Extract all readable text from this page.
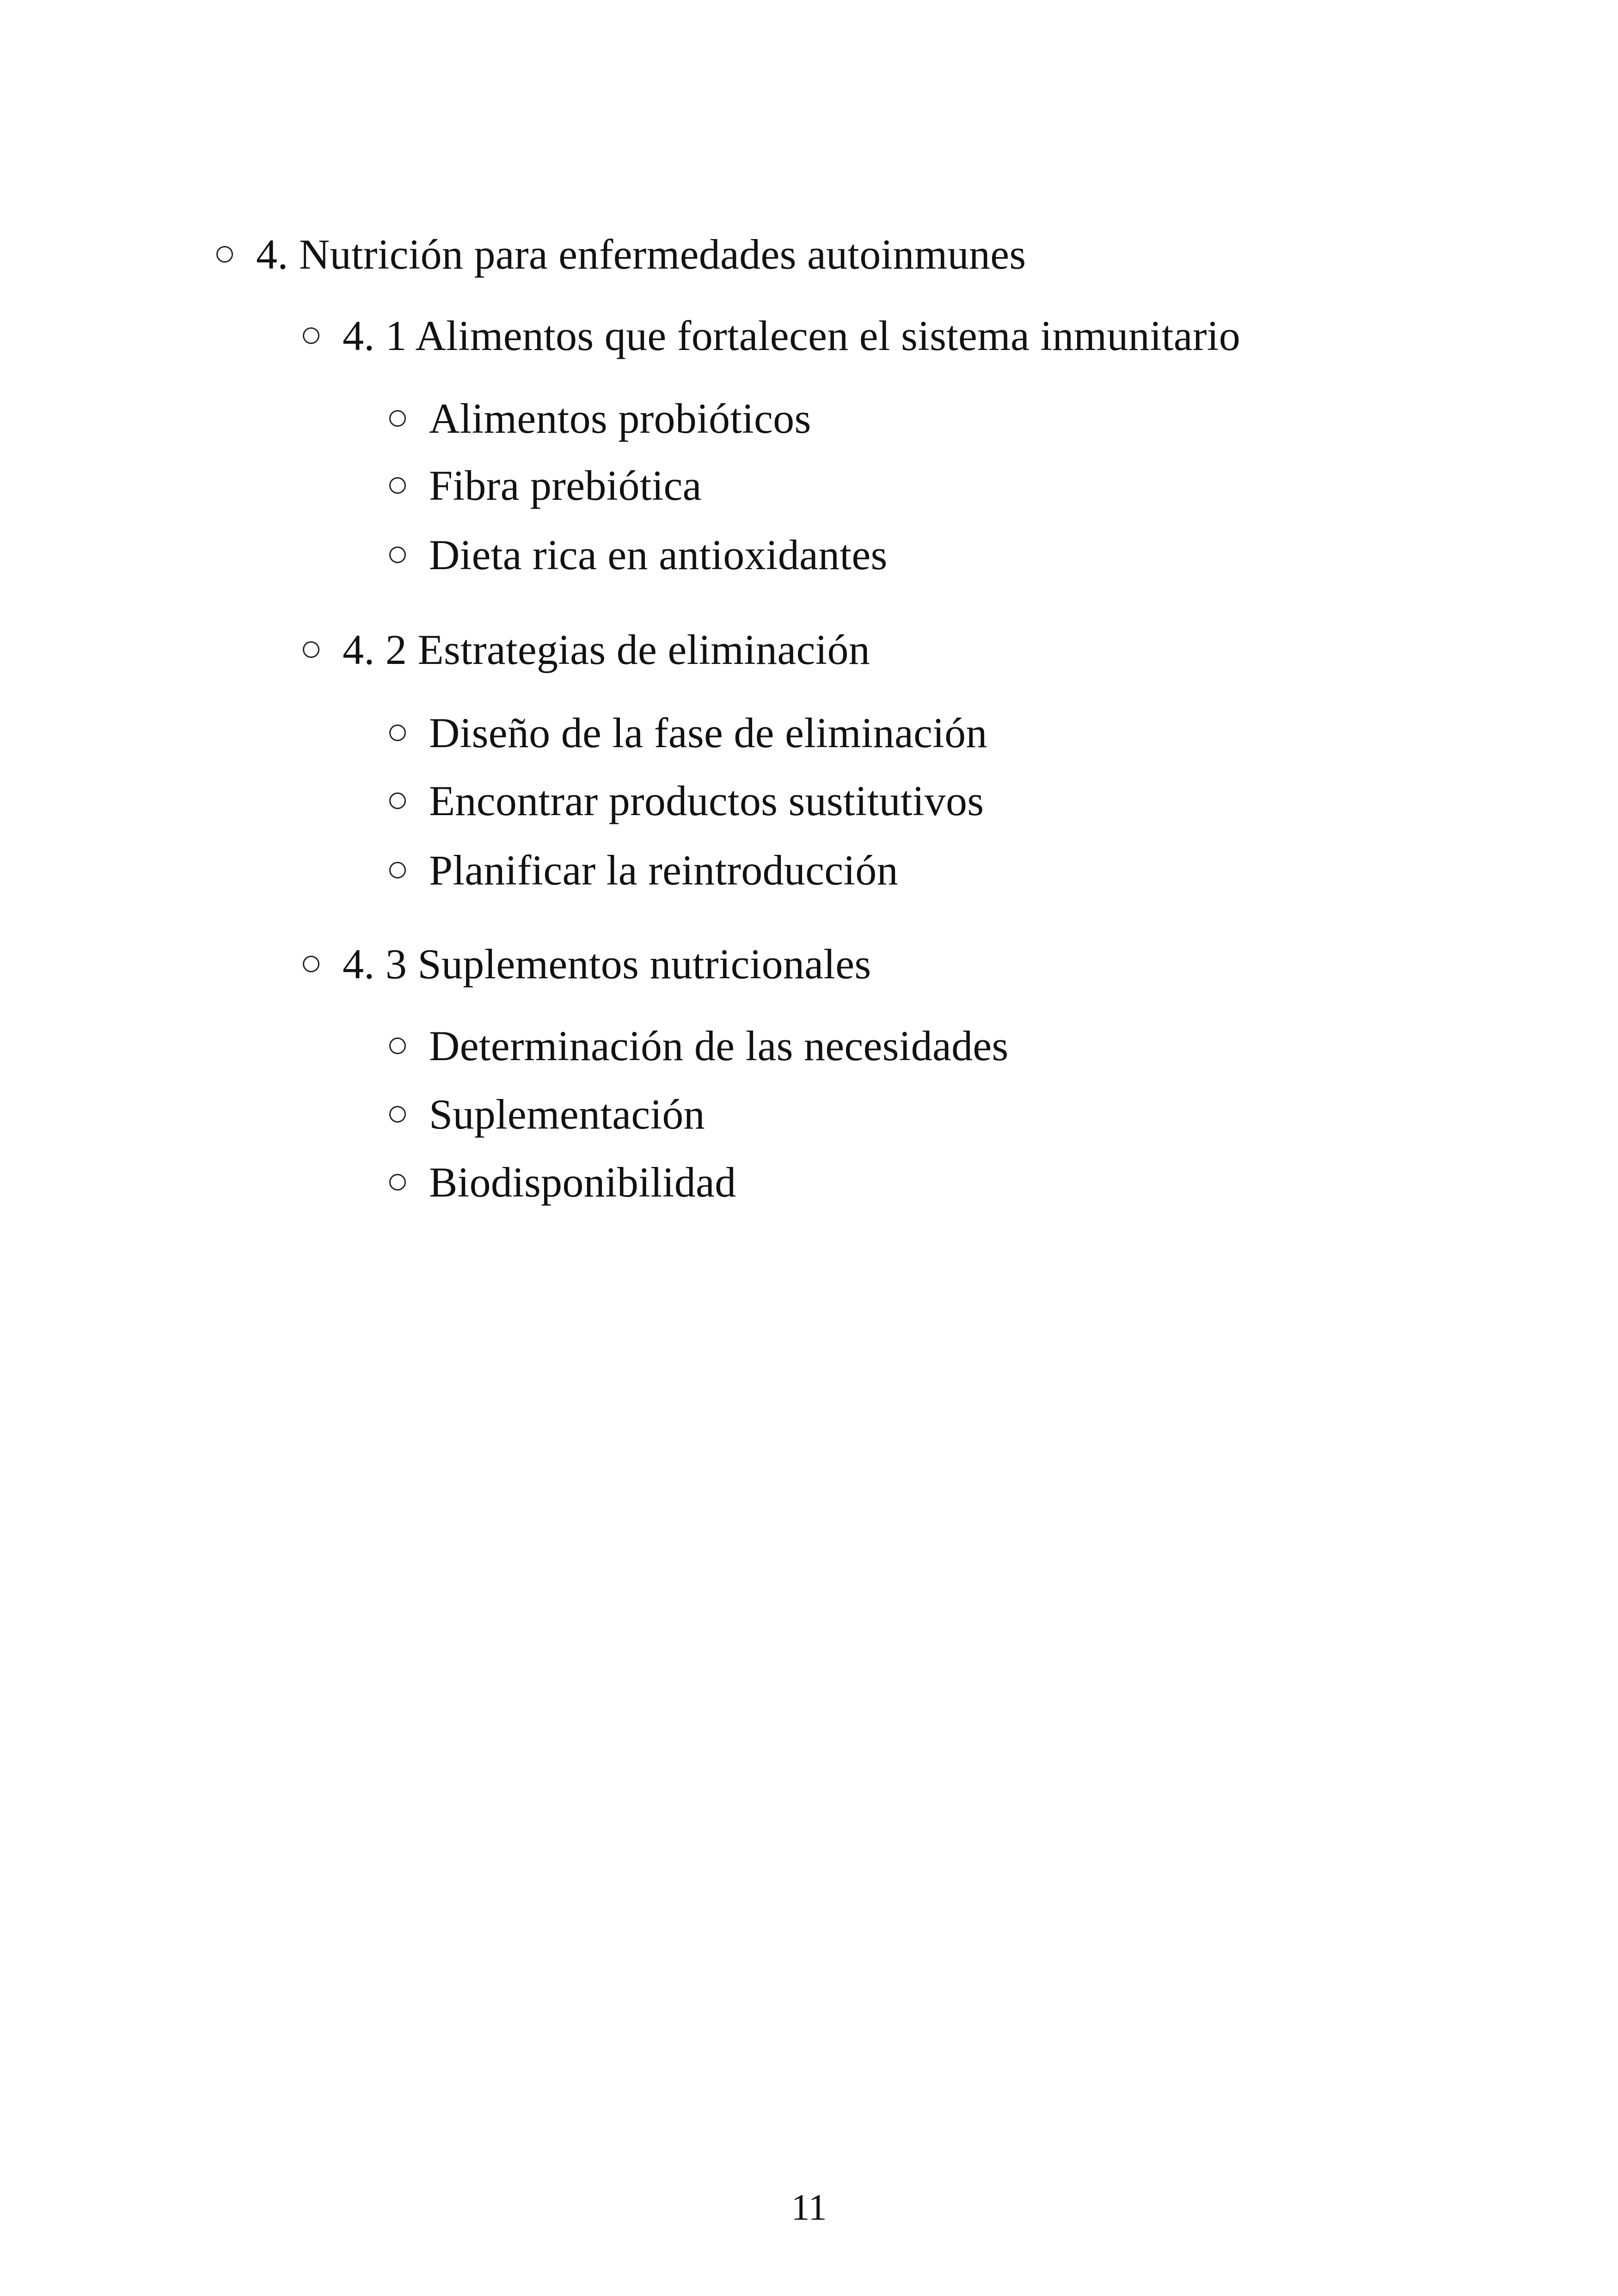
4. Nutrición para enfermedades autoinmunes
4. 1 Alimentos que fortalecen el sistema inmunitario
Alimentos probióticos
Fibra prebiótica
Dieta rica en antioxidantes
4. 2 Estrategias de eliminación
Diseño de la fase de eliminación
Encontrar productos sustitutivos
Planificar la reintroducción
4. 3 Suplementos nutricionales
Determinación de las necesidades
Suplementación
Biodisponibilidad
11
